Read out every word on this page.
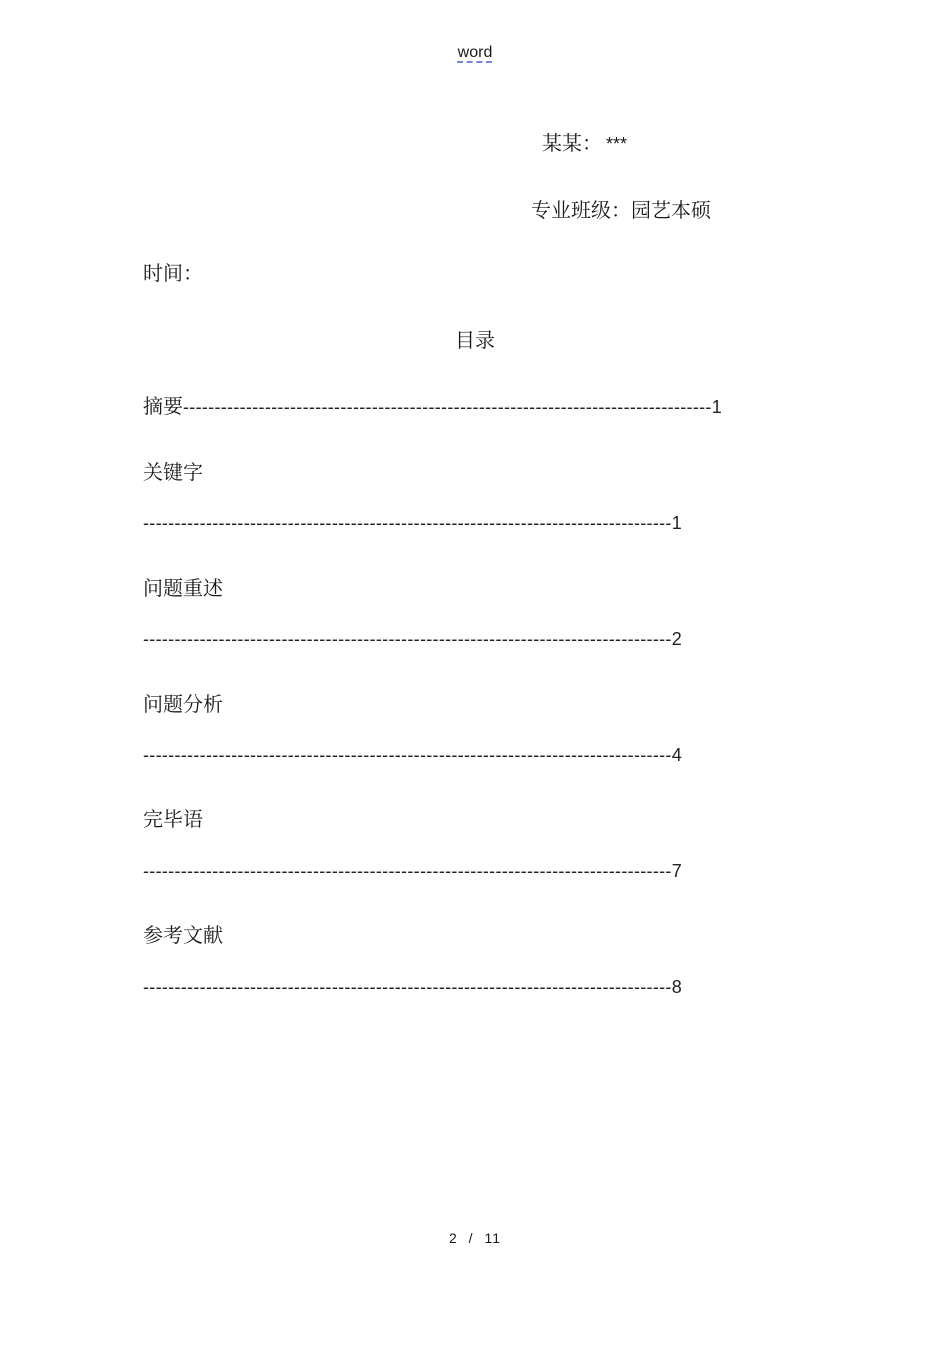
word
某某： ***
专业班级：园艺本硕
时间：
目录
摘要------------------------------------------------------------------------------------1
关键字
------------------------------------------------------------------------------------1
问题重述
------------------------------------------------------------------------------------2
问题分析
------------------------------------------------------------------------------------4
完毕语
------------------------------------------------------------------------------------7
参考文献
------------------------------------------------------------------------------------8
2 / 11
